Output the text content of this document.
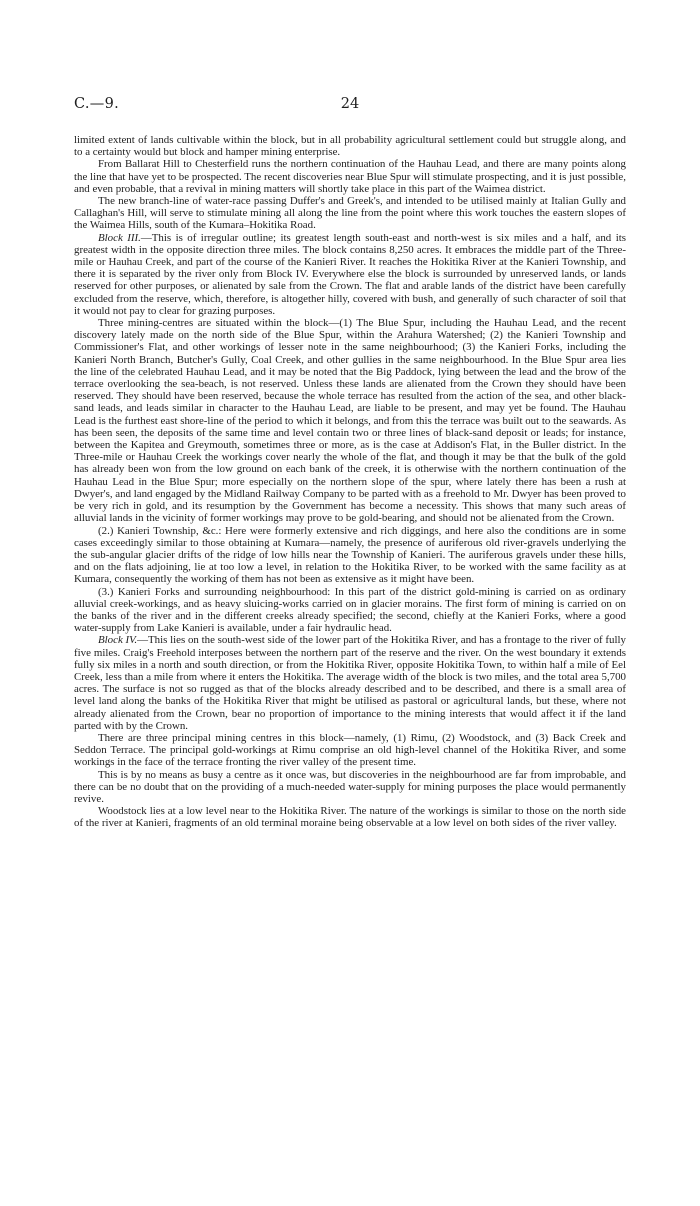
C.—9.	24

limited extent of lands cultivable within the block, but in all probability agricultural settlement could but struggle along, and to a certainty would but block and hamper mining enterprise.

From Ballarat Hill to Chesterfield runs the northern continuation of the Hauhau Lead, and there are many points along the line that have yet to be prospected. The recent discoveries near Blue Spur will stimulate prospecting, and it is just possible, and even probable, that a revival in mining matters will shortly take place in this part of the Waimea district.

The new branch-line of water-race passing Duffer's and Greek's, and intended to be utilised mainly at Italian Gully and Callaghan's Hill, will serve to stimulate mining all along the line from the point where this work touches the eastern slopes of the Waimea Hills, south of the Kumara–Hokitika Road.

Block III.—This is of irregular outline; its greatest length south-east and north-west is six miles and a half, and its greatest width in the opposite direction three miles. The block contains 8,250 acres. It embraces the middle part of the Three-mile or Hauhau Creek, and part of the course of the Kanieri River. It reaches the Hokitika River at the Kanieri Township, and there it is separated by the river only from Block IV. Everywhere else the block is surrounded by unreserved lands, or lands reserved for other purposes, or alienated by sale from the Crown. The flat and arable lands of the district have been carefully excluded from the reserve, which, therefore, is altogether hilly, covered with bush, and generally of such character of soil that it would not pay to clear for grazing purposes.

Three mining-centres are situated within the block—(1) The Blue Spur, including the Hauhau Lead, and the recent discovery lately made on the north side of the Blue Spur, within the Arahura Watershed; (2) the Kanieri Township and Commissioner's Flat, and other workings of lesser note in the same neighbourhood; (3) the Kanieri Forks, including the Kanieri North Branch, Butcher's Gully, Coal Creek, and other gullies in the same neighbourhood. In the Blue Spur area lies the line of the celebrated Hauhau Lead, and it may be noted that the Big Paddock, lying between the lead and the brow of the terrace overlooking the sea-beach, is not reserved. Unless these lands are alienated from the Crown they should have been reserved. They should have been reserved, because the whole terrace has resulted from the action of the sea, and other black-sand leads, and leads similar in character to the Hauhau Lead, are liable to be present, and may yet be found. The Hauhau Lead is the furthest east shore-line of the period to which it belongs, and from this the terrace was built out to the seawards. As has been seen, the deposits of the same time and level contain two or three lines of black-sand deposit or leads; for instance, between the Kapitea and Greymouth, sometimes three or more, as is the case at Addison's Flat, in the Buller district. In the Three-mile or Hauhau Creek the workings cover nearly the whole of the flat, and though it may be that the bulk of the gold has already been won from the low ground on each bank of the creek, it is otherwise with the northern continuation of the Hauhau Lead in the Blue Spur; more especially on the northern slope of the spur, where lately there has been a rush at Dwyer's, and land engaged by the Midland Railway Company to be parted with as a freehold to Mr. Dwyer has been proved to be very rich in gold, and its resumption by the Government has become a necessity. This shows that many such areas of alluvial lands in the vicinity of former workings may prove to be gold-bearing, and should not be alienated from the Crown.

(2.) Kanieri Township, &c.: Here were formerly extensive and rich diggings, and here also the conditions are in some cases exceedingly similar to those obtaining at Kumara—namely, the presence of auriferous old river-gravels underlying the the sub-angular glacier drifts of the ridge of low hills near the Township of Kanieri. The auriferous gravels under these hills, and on the flats adjoining, lie at too low a level, in relation to the Hokitika River, to be worked with the same facility as at Kumara, consequently the working of them has not been as extensive as it might have been.

(3.) Kanieri Forks and surrounding neighbourhood: In this part of the district gold-mining is carried on as ordinary alluvial creek-workings, and as heavy sluicing-works carried on in glacier morains. The first form of mining is carried on on the banks of the river and in the different creeks already specified; the second, chiefly at the Kanieri Forks, where a good water-supply from Lake Kanieri is available, under a fair hydraulic head.

Block IV.—This lies on the south-west side of the lower part of the Hokitika River, and has a frontage to the river of fully five miles. Craig's Freehold interposes between the northern part of the reserve and the river. On the west boundary it extends fully six miles in a north and south direction, or from the Hokitika River, opposite Hokitika Town, to within half a mile of Eel Creek, less than a mile from where it enters the Hokitika. The average width of the block is two miles, and the total area 5,700 acres. The surface is not so rugged as that of the blocks already described and to be described, and there is a small area of level land along the banks of the Hokitika River that might be utilised as pastoral or agricultural lands, but these, where not already alienated from the Crown, bear no proportion of importance to the mining interests that would affect it if the land parted with by the Crown.

There are three principal mining centres in this block—namely, (1) Rimu, (2) Woodstock, and (3) Back Creek and Seddon Terrace. The principal gold-workings at Rimu comprise an old high-level channel of the Hokitika River, and some workings in the face of the terrace fronting the river valley of the present time.

This is by no means as busy a centre as it once was, but discoveries in the neighbourhood are far from improbable, and there can be no doubt that on the providing of a much-needed water-supply for mining purposes the place would permanently revive.

Woodstock lies at a low level near to the Hokitika River. The nature of the workings is similar to those on the north side of the river at Kanieri, fragments of an old terminal moraine being observable at a low level on both sides of the river valley.
